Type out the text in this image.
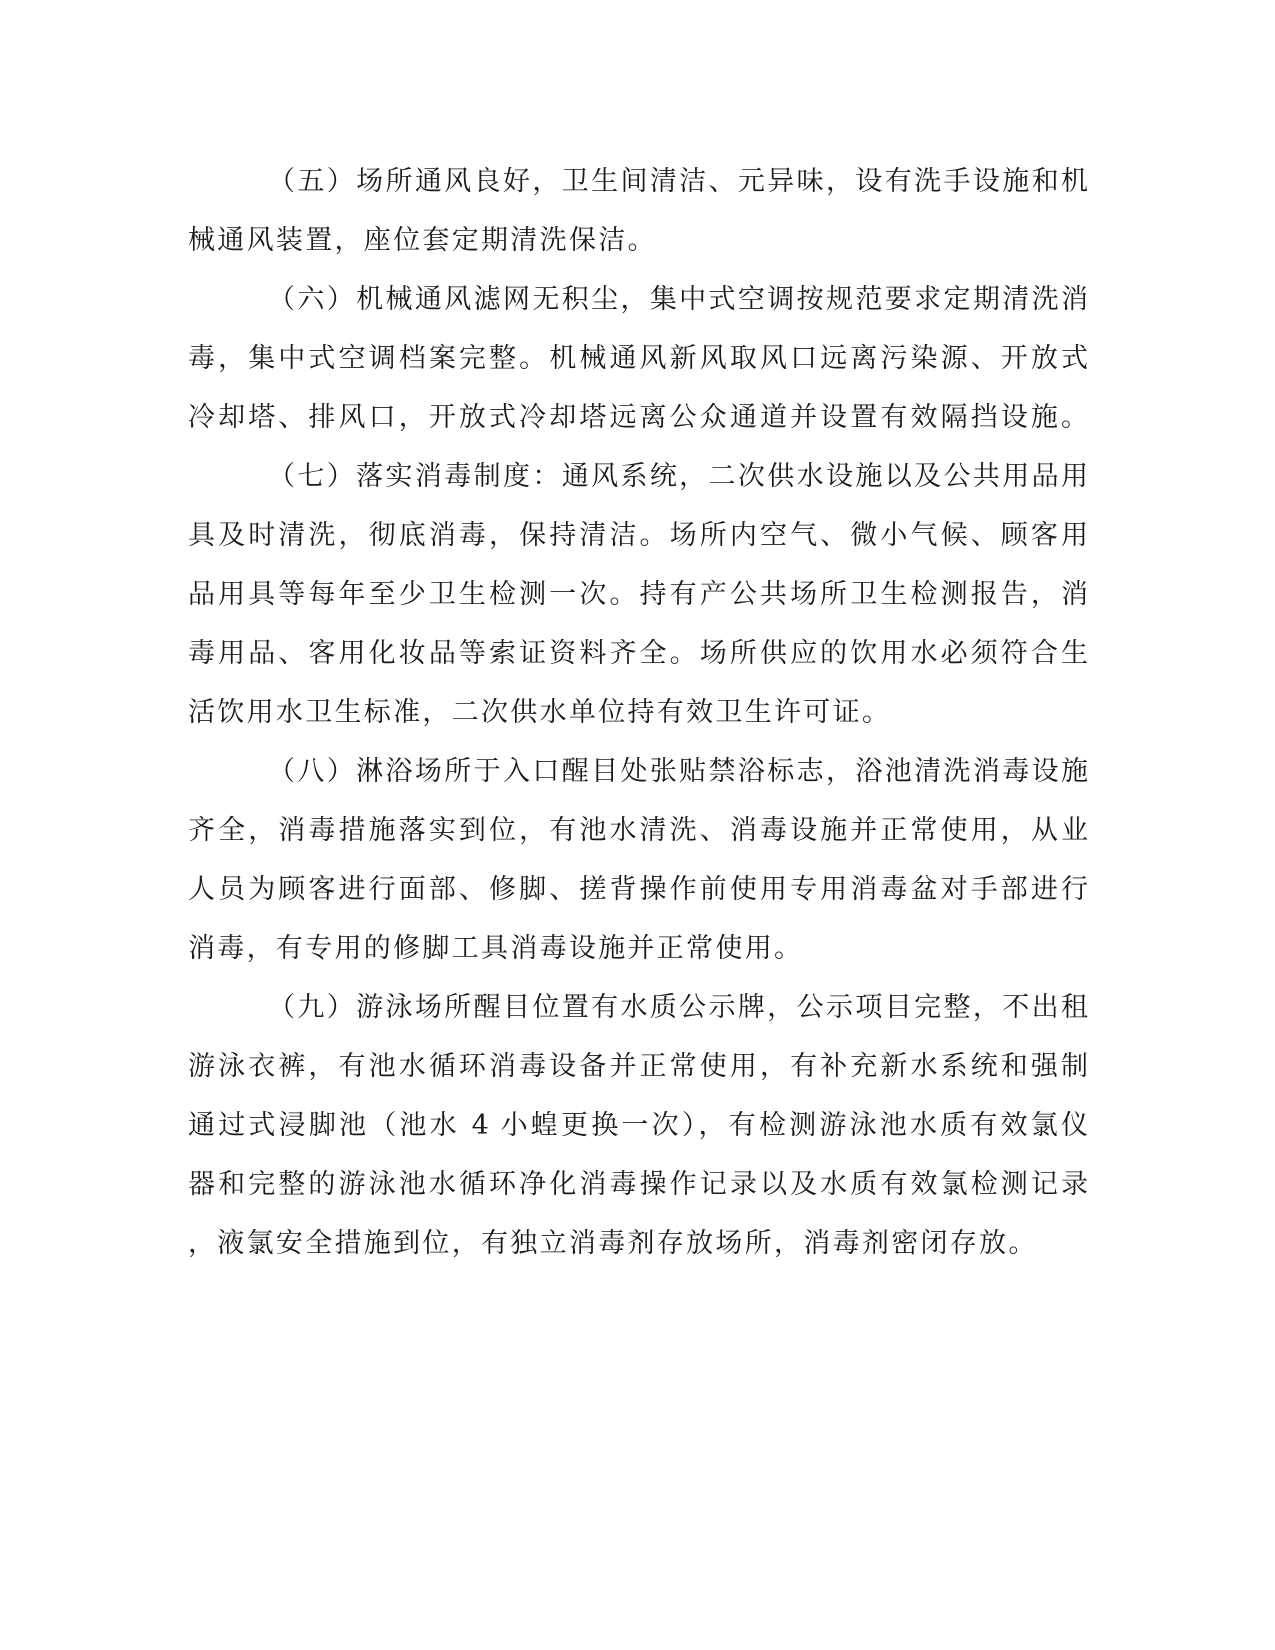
（五）场所通风良好，卫生间清洁、元异味，设有洗手设施和机
械通风装置，座位套定期清洗保洁。
（六）机械通风滤网无积尘，集中式空调按规范要求定期清洗消
毒，集中式空调档案完整。机械通风新风取风口远离污染源、开放式
冷却塔、排风口，开放式冷却塔远离公众通道并设置有效隔挡设施。
（七）落实消毒制度：通风系统，二次供水设施以及公共用品用
具及时清洗，彻底消毒，保持清洁。场所内空气、微小气候、顾客用
品用具等每年至少卫生检测一次。持有产公共场所卫生检测报告，消
毒用品、客用化妆品等索证资料齐全。场所供应的饮用水必须符合生
活饮用水卫生标准，二次供水单位持有效卫生许可证。
（八）淋浴场所于入口醒目处张贴禁浴标志，浴池清洗消毒设施
齐全，消毒措施落实到位，有池水清洗、消毒设施并正常使用，从业
人员为顾客进行面部、修脚、搓背操作前使用专用消毒盆对手部进行
消毒，有专用的修脚工具消毒设施并正常使用。
（九）游泳场所醒目位置有水质公示牌，公示项目完整，不出租
游泳衣裤，有池水循环消毒设备并正常使用，有补充新水系统和强制
通过式浸脚池（池水 4 小蝗更换一次），有检测游泳池水质有效氯仪
器和完整的游泳池水循环净化消毒操作记录以及水质有效氯检测记录
，液氯安全措施到位，有独立消毒剂存放场所，消毒剂密闭存放。
